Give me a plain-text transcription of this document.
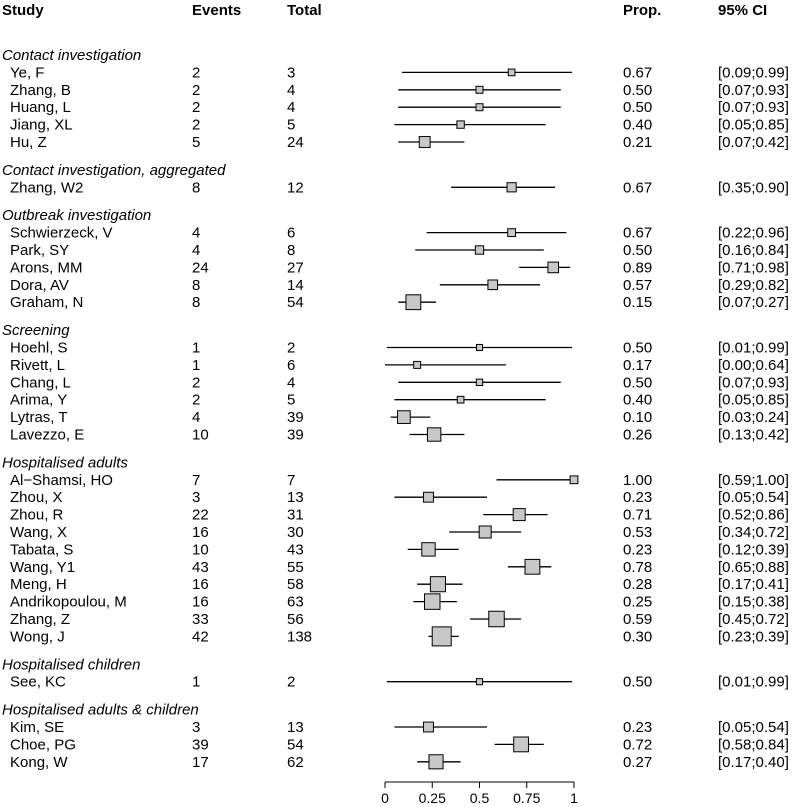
Study	Events	Total	Prop.	95% CI
Contact investigation
Ye, F	2	3	0.67	[0.09;0.99]
Zhang, B	2	4	0.50	[0.07;0.93]
Huang, L	2	4	0.50	[0.07;0.93]
Jiang, XL	2	5	0.40	[0.05;0.85]
Hu, Z	5	24	0.21	[0.07;0.42]
Contact investigation, aggregated
Zhang, W2	8	12	0.67	[0.35;0.90]
Outbreak investigation
Schwierzeck, V	4	6	0.67	[0.22;0.96]
Park, SY	4	8	0.50	[0.16;0.84]
Arons, MM	24	27	0.89	[0.71;0.98]
Dora, AV	8	14	0.57	[0.29;0.82]
Graham, N	8	54	0.15	[0.07;0.27]
Screening
Hoehl, S	1	2	0.50	[0.01;0.99]
Rivett, L	1	6	0.17	[0.00;0.64]
Chang, L	2	4	0.50	[0.07;0.93]
Arima, Y	2	5	0.40	[0.05;0.85]
Lytras, T	4	39	0.10	[0.03;0.24]
Lavezzo, E	10	39	0.26	[0.13;0.42]
Hospitalised adults
Al−Shamsi, HO	7	7	1.00	[0.59;1.00]
Zhou, X	3	13	0.23	[0.05;0.54]
Zhou, R	22	31	0.71	[0.52;0.86]
Wang, X	16	30	0.53	[0.34;0.72]
Tabata, S	10	43	0.23	[0.12;0.39]
Wang, Y1	43	55	0.78	[0.65;0.88]
Meng, H	16	58	0.28	[0.17;0.41]
Andrikopoulou, M	16	63	0.25	[0.15;0.38]
Zhang, Z	33	56	0.59	[0.45;0.72]
Wong, J	42	138	0.30	[0.23;0.39]
Hospitalised children
See, KC	1	2	0.50	[0.01;0.99]
Hospitalised adults & children
Kim, SE	3	13	0.23	[0.05;0.54]
Choe, PG	39	54	0.72	[0.58;0.84]
Kong, W	17	62	0.27	[0.17;0.40]
0 0.25 0.5 0.75 1
